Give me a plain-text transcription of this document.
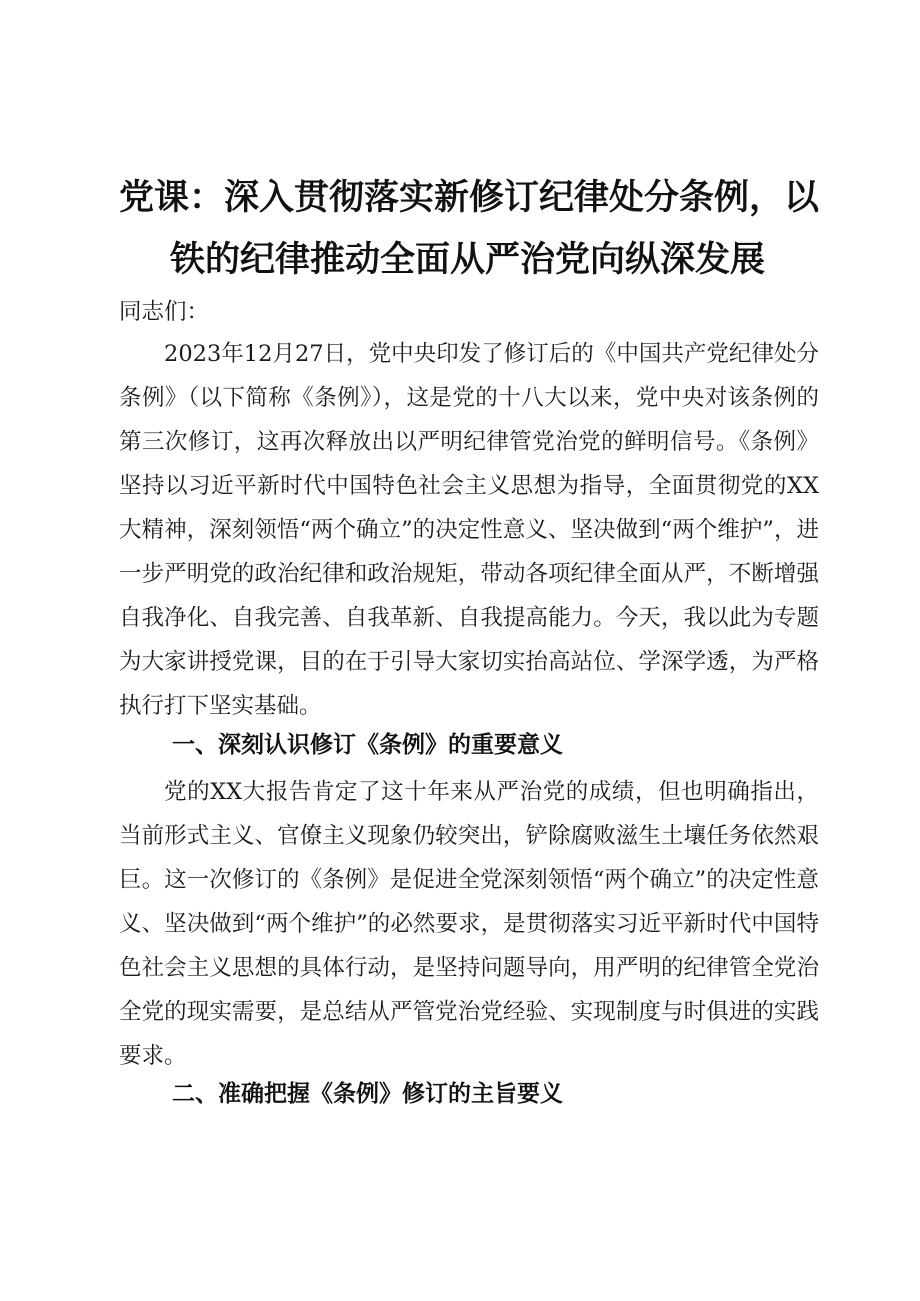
党课：深入贯彻落实新修订纪律处分条例，以
铁的纪律推动全面从严治党向纵深发展
同志们：

2023年12月27日，党中央印发了修订后的《中国共产党纪律处分条例》（以下简称《条例》），这是党的十八大以来，党中央对该条例的第三次修订，这再次释放出以严明纪律管党治党的鲜明信号。《条例》坚持以习近平新时代中国特色社会主义思想为指导，全面贯彻党的XX大精神，深刻领悟“两个确立”的决定性意义、坚决做到“两个维护”，进一步严明党的政治纪律和政治规矩，带动各项纪律全面从严，不断增强自我净化、自我完善、自我革新、自我提高能力。今天，我以此为专题为大家讲授党课，目的在于引导大家切实抬高站位、学深学透，为严格执行打下坚实基础。

一、深刻认识修订《条例》的重要意义

党的XX大报告肯定了这十年来从严治党的成绩，但也明确指出，当前形式主义、官僚主义现象仍较突出，铲除腐败滋生土壤任务依然艰巨。这一次修订的《条例》是促进全党深刻领悟“两个确立”的决定性意义、坚决做到“两个维护”的必然要求，是贯彻落实习近平新时代中国特色社会主义思想的具体行动，是坚持问题导向，用严明的纪律管全党治全党的现实需要，是总结从严管党治党经验、实现制度与时俱进的实践要求。

二、准确把握《条例》修订的主旨要义
